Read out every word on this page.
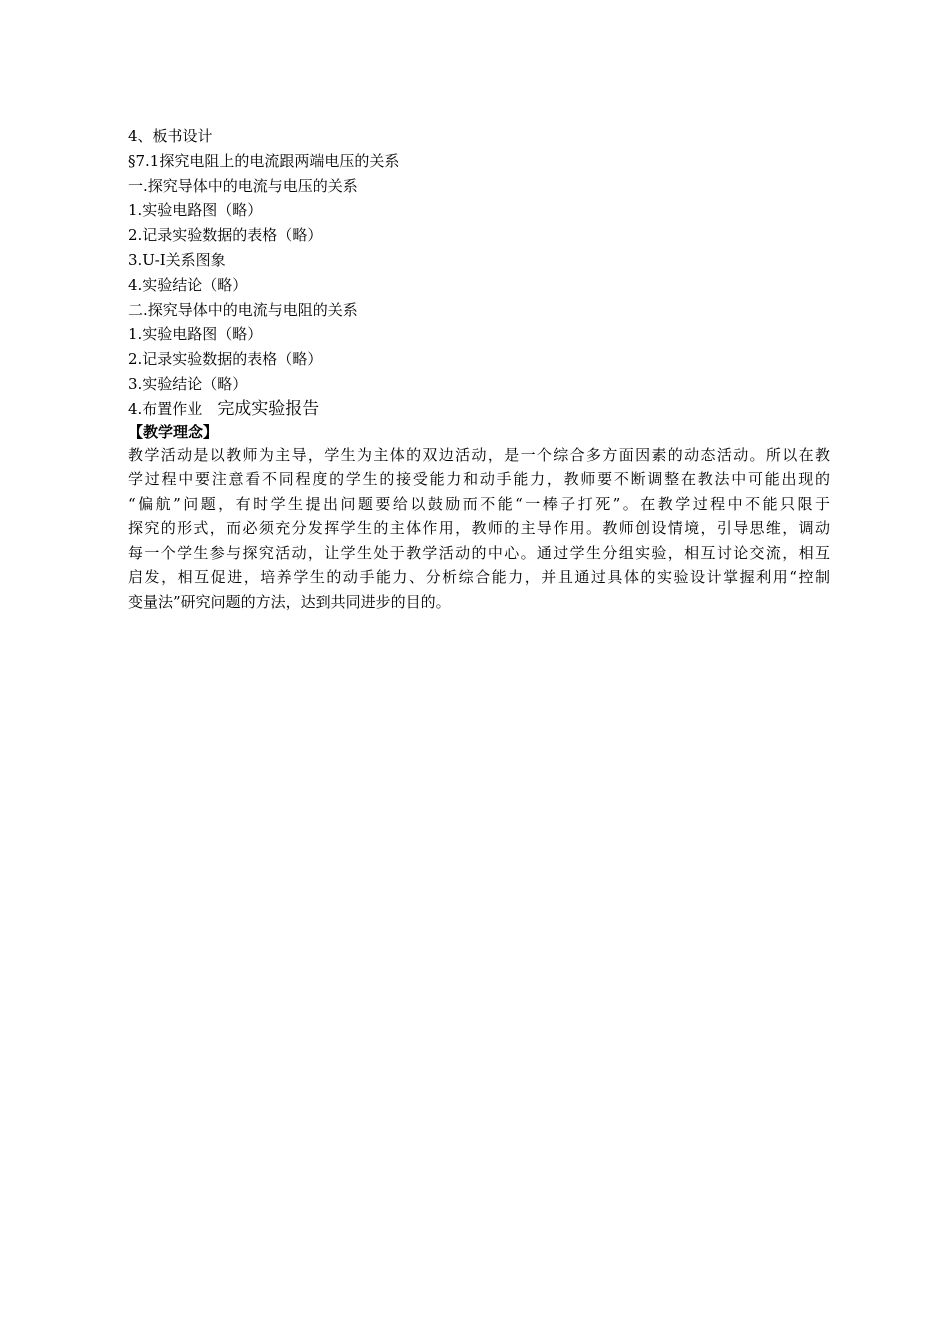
4、板书设计
§7.1探究电阻上的电流跟两端电压的关系
一.探究导体中的电流与电压的关系
1.实验电路图（略）
2.记录实验数据的表格（略）
3.U-I关系图象
4.实验结论（略）
二.探究导体中的电流与电阻的关系
1.实验电路图（略）
2.记录实验数据的表格（略）
3.实验结论（略）
4.布置作业　完成实验报告
【教学理念】

教学活动是以教师为主导，学生为主体的双边活动，是一个综合多方面因素的动态活动。所以在教
学过程中要注意看不同程度的学生的接受能力和动手能力，教师要不断调整在教法中可能出现的
“偏航”问题，有时学生提出问题要给以鼓励而不能“一棒子打死”。在教学过程中不能只限于
探究的形式，而必须充分发挥学生的主体作用，教师的主导作用。教师创设情境，引导思维，调动
每一个学生参与探究活动，让学生处于教学活动的中心。通过学生分组实验，相互讨论交流，相互
启发，相互促进，培养学生的动手能力、分析综合能力，并且通过具体的实验设计掌握利用“控制
变量法”研究问题的方法，达到共同进步的目的。
